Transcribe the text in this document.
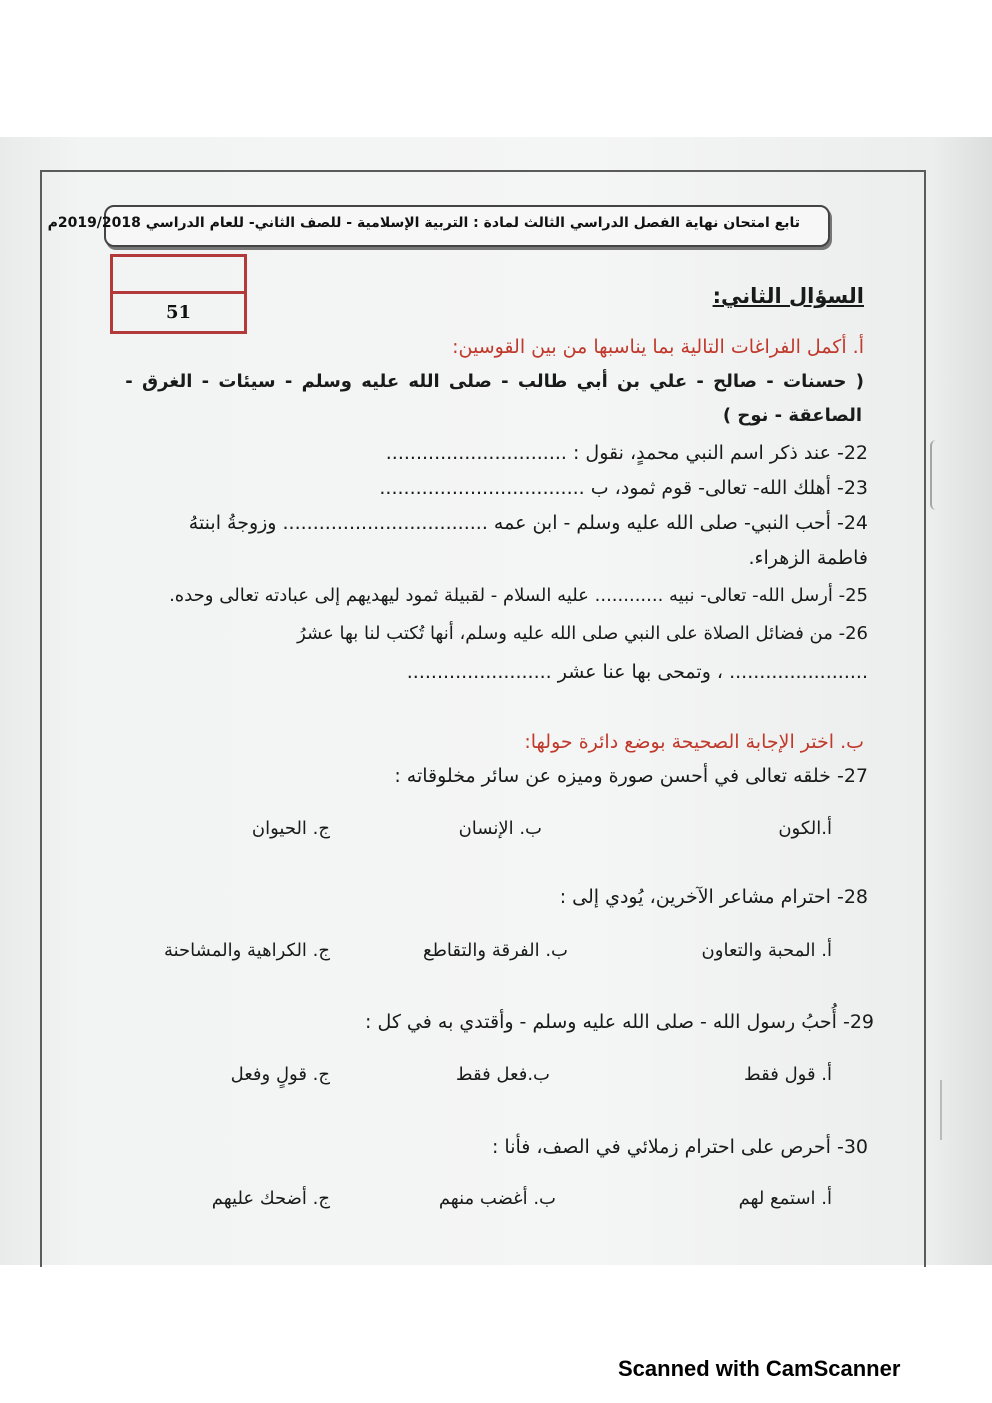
تابع امتحان نهاية الفصل الدراسي الثالث لمادة : التربية الإسلامية - للصف الثاني- للعام الدراسي 2019/2018م
51
السؤال الثاني:
أ. أكمل الفراغات التالية بما يناسبها من بين القوسين:
( حسنات - صالح - علي بن أبي طالب - صلى الله عليه وسلم - سيئات - الغرق -
الصاعقة - نوح )
22- عند ذكر اسم النبي محمدٍ، نقول : ..............................
23- أهلك الله- تعالى- قوم ثمود، ب ..................................
24- أحب النبي- صلى الله عليه وسلم - ابن عمه .................................. وزوجةُ ابنتهُ
فاطمة الزهراء.
25- أرسل الله- تعالى- نبيه ............ عليه السلام - لقبيلة ثمود ليهديهم إلى عبادته تعالى وحده.
26- من فضائل الصلاة على النبي صلى الله عليه وسلم، أنها تُكتب لنا بها عشرُ
....................... ، وتمحى بها عنا عشر ........................
ب. اختر الإجابة الصحيحة بوضع دائرة حولها:
27- خلقه تعالى في أحسن صورة وميزه عن سائر مخلوقاته :
أ.الكون
ب. الإنسان
ج. الحيوان
28- احترام مشاعر الآخرين، يُودي إلى :
أ. المحبة والتعاون
ب. الفرقة والتقاطع
ج. الكراهية والمشاحنة
29- أُحبُ رسول الله - صلى الله عليه وسلم - وأقتدي به في كل :
أ. قول فقط
ب.فعل فقط
ج. قولٍ وفعل
30- أحرص على احترام زملائي في الصف، فأنا :
أ. استمع لهم
ب. أغضب منهم
ج. أضحك عليهم
Scanned with CamScanner
